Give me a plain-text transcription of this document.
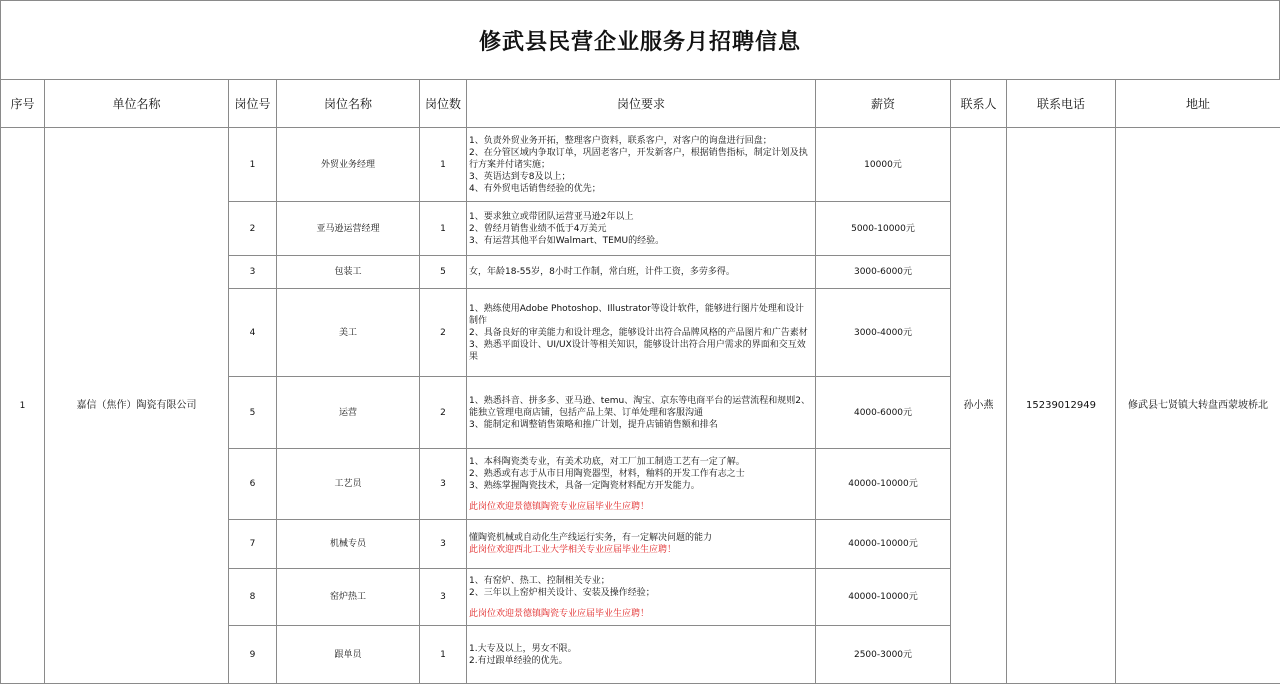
修武县民营企业服务月招聘信息
序号	单位名称	岗位号	岗位名称	岗位数	岗位要求	薪资	联系人	联系电话	地址
1	嘉信（焦作）陶瓷有限公司	1	外贸业务经理	1	1、负责外贸业务开拓，整理客户资料，联系客户，对客户的询盘进行回盘；
2、在分管区域内争取订单，巩固老客户，开发新客户，根据销售指标，制定计划及执行方案并付诸实施；
3、英语达到专8及以上；
4、有外贸电话销售经验的优先；	10000元	孙小燕	15239012949	修武县七贤镇大转盘西蒙坡桥北
		2	亚马逊运营经理	1	1、要求独立或带团队运营亚马逊2年以上
2、曾经月销售业绩不低于4万美元
3、有运营其他平台如Walmart、TEMU的经验。	5000-10000元			
		3	包装工	5	女，年龄18-55岁，8小时工作制，常白班，计件工资，多劳多得。	3000-6000元			
		4	美工	2	1、熟练使用Adobe Photoshop、Illustrator等设计软件，能够进行图片处理和设计制作
2、具备良好的审美能力和设计理念，能够设计出符合品牌风格的产品图片和广告素材
3、熟悉平面设计、UI/UX设计等相关知识，能够设计出符合用户需求的界面和交互效果	3000-4000元			
		5	运营	2	1、熟悉抖音、拼多多、亚马逊、temu、淘宝、京东等电商平台的运营流程和规则2、能独立管理电商店铺，包括产品上架、订单处理和客服沟通
3、能制定和调整销售策略和推广计划，提升店铺销售额和排名	4000-6000元			
		6	工艺员	3	1、本科陶瓷类专业，有美术功底，对工厂加工制造工艺有一定了解。
2、熟悉或有志于从市日用陶瓷器型，材料，釉料的开发工作有志之士
3、熟练掌握陶瓷技术，具备一定陶瓷材料配方开发能力。
此岗位欢迎景德镇陶瓷专业应届毕业生应聘！	40000-10000元			
		7	机械专员	3	懂陶瓷机械或自动化生产线运行实务，有一定解决问题的能力
此岗位欢迎西北工业大学相关专业应届毕业生应聘！	40000-10000元			
		8	窑炉热工	3	1、有窑炉、热工、控制相关专业；
2、三年以上窑炉相关设计、安装及操作经验；
此岗位欢迎景德镇陶瓷专业应届毕业生应聘！	40000-10000元			
		9	跟单员	1	1.大专及以上，男女不限。
2.有过跟单经验的优先。	2500-3000元			
